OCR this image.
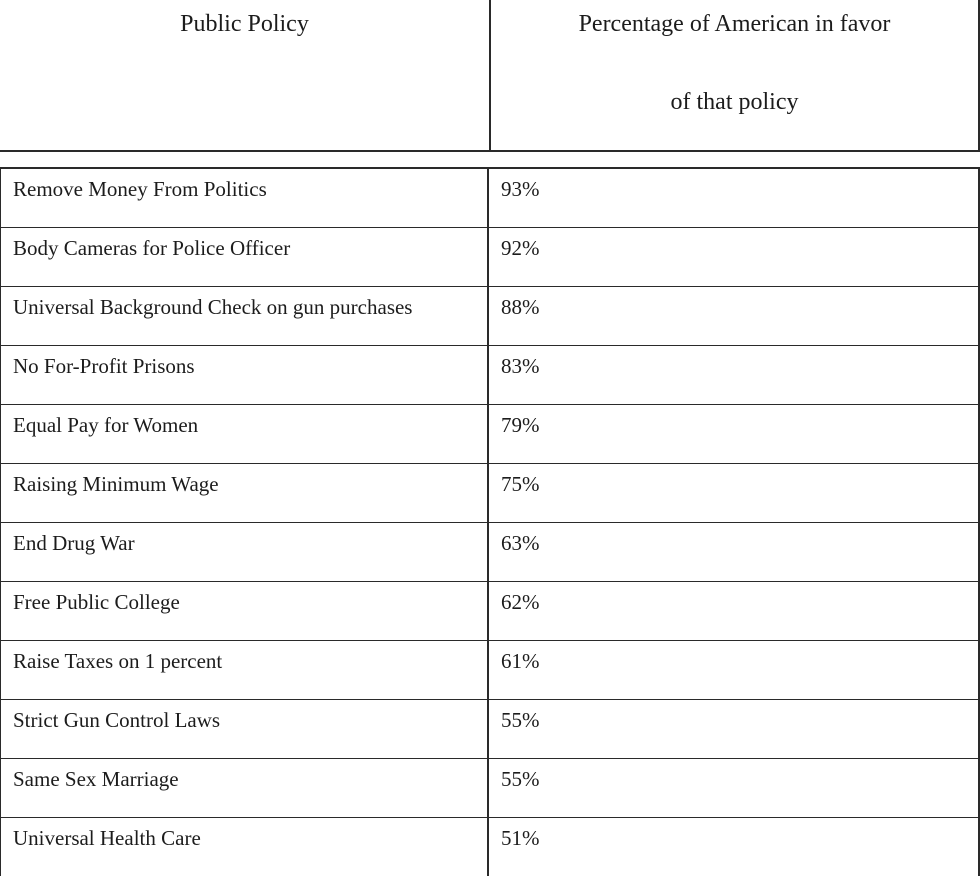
Public Policy	Percentage of American in favor
of that policy
Remove Money From Politics	93%
Body Cameras for Police Officer	92%
Universal Background Check on gun purchases	88%
No For-Profit Prisons	83%
Equal Pay for Women	79%
Raising Minimum Wage	75%
End Drug War	63%
Free Public College	62%
Raise Taxes on 1 percent	61%
Strict Gun Control Laws	55%
Same Sex Marriage	55%
Universal Health Care	51%
